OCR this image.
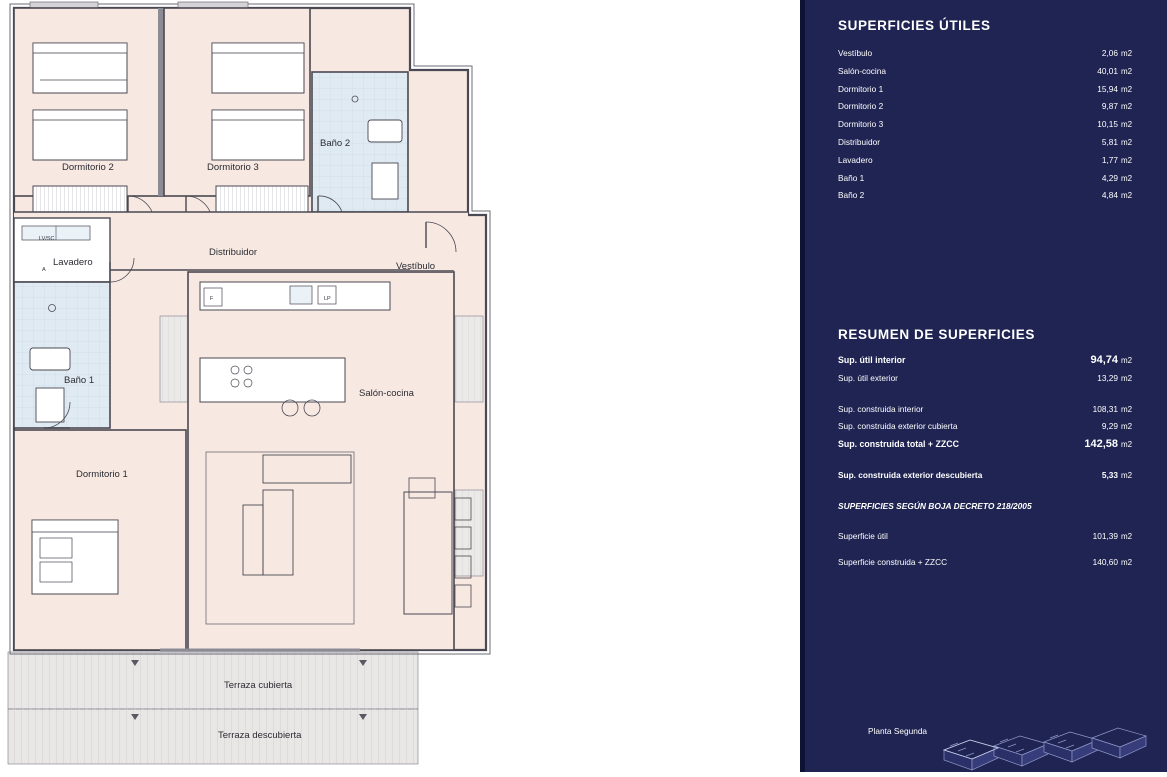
Dormitorio 2	Dormitorio 3
Baño 2
Distribuidor
Vestíbulo
Lavadero
Baño 1
Salón-cocina
Dormitorio 1
Terraza cubierta
Terraza descubierta
LV/SC
A
F	LP
SUPERFICIES ÚTILES
Vestíbulo	2,06 m2
Salón-cocina	40,01 m2
Dormitorio 1	15,94 m2
Dormitorio 2	9,87 m2
Dormitorio 3	10,15 m2
Distribuidor	5,81 m2
Lavadero	1,77 m2
Baño 1	4,29 m2
Baño 2	4,84 m2
RESUMEN DE SUPERFICIES
Sup. útil interior	94,74 m2
Sup. útil exterior	13,29 m2
Sup. construida interior	108,31 m2
Sup. construida exterior cubierta	9,29 m2
Sup. construida total + ZZCC	142,58 m2
Sup. construida exterior descubierta	5,33 m2
SUPERFICIES SEGÚN BOJA DECRETO 218/2005
Superficie útil	101,39 m2
Superficie construida + ZZCC	140,60 m2
Planta Segunda
